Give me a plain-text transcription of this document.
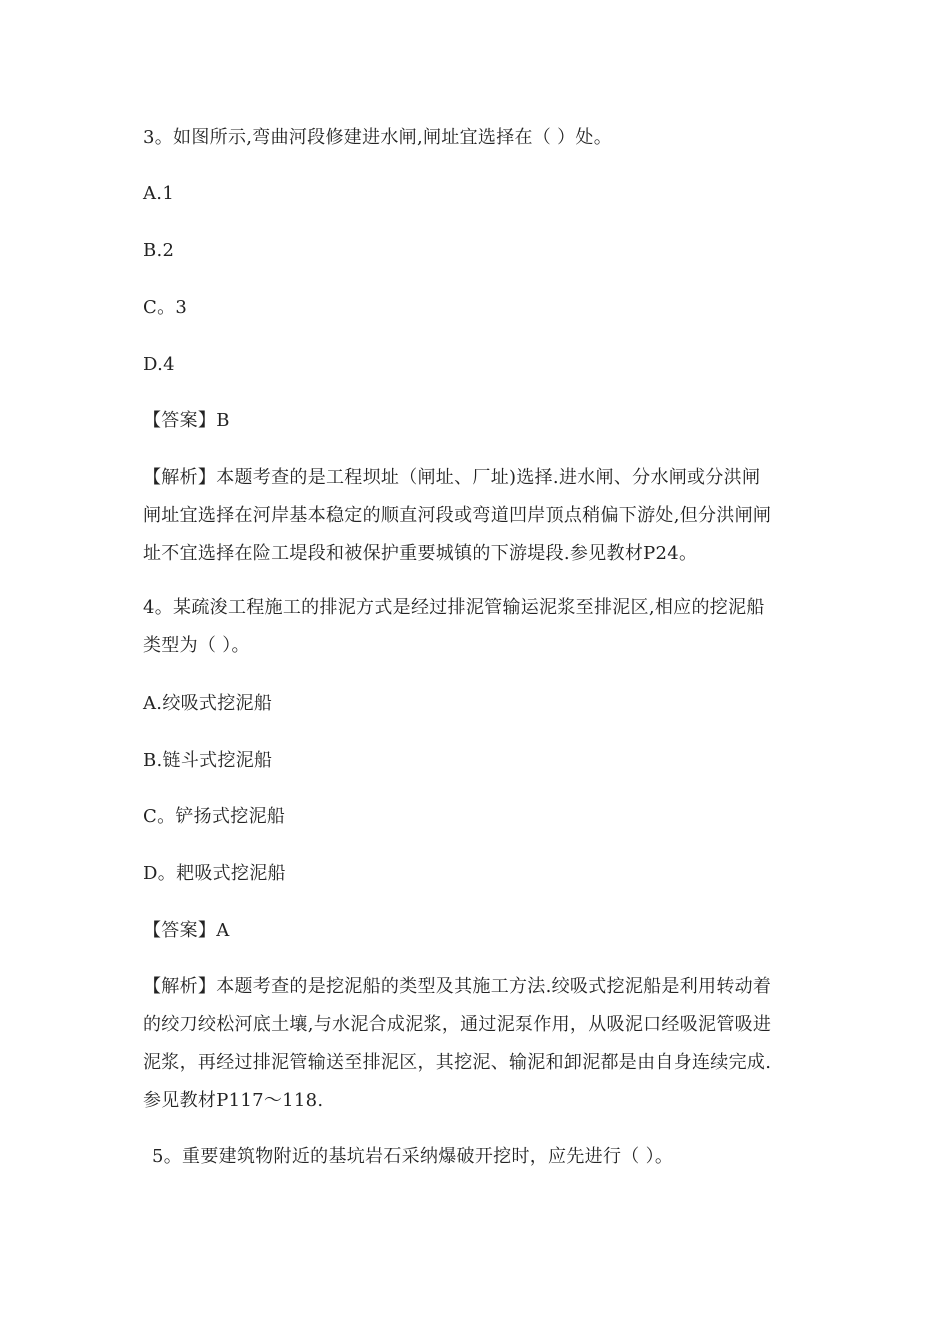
3。如图所示,弯曲河段修建进水闸,闸址宜选择在（ ）处。
A.1
B.2
C。3
D.4
【答案】B
【解析】本题考查的是工程坝址（闸址、厂址)选择.进水闸、分水闸或分洪闸
闸址宜选择在河岸基本稳定的顺直河段或弯道凹岸顶点稍偏下游处,但分洪闸闸
址不宜选择在险工堤段和被保护重要城镇的下游堤段.参见教材P24。
4。某疏浚工程施工的排泥方式是经过排泥管输运泥浆至排泥区,相应的挖泥船
类型为（ ）。
A.绞吸式挖泥船
B.链斗式挖泥船
C。铲扬式挖泥船
D。耙吸式挖泥船
【答案】A
【解析】本题考查的是挖泥船的类型及其施工方法.绞吸式挖泥船是利用转动着
的绞刀绞松河底土壤,与水泥合成泥浆，通过泥泵作用，从吸泥口经吸泥管吸进
泥浆，再经过排泥管输送至排泥区，其挖泥、输泥和卸泥都是由自身连续完成.
参见教材P117～118.
5。重要建筑物附近的基坑岩石采纳爆破开挖时，应先进行（ ）。
